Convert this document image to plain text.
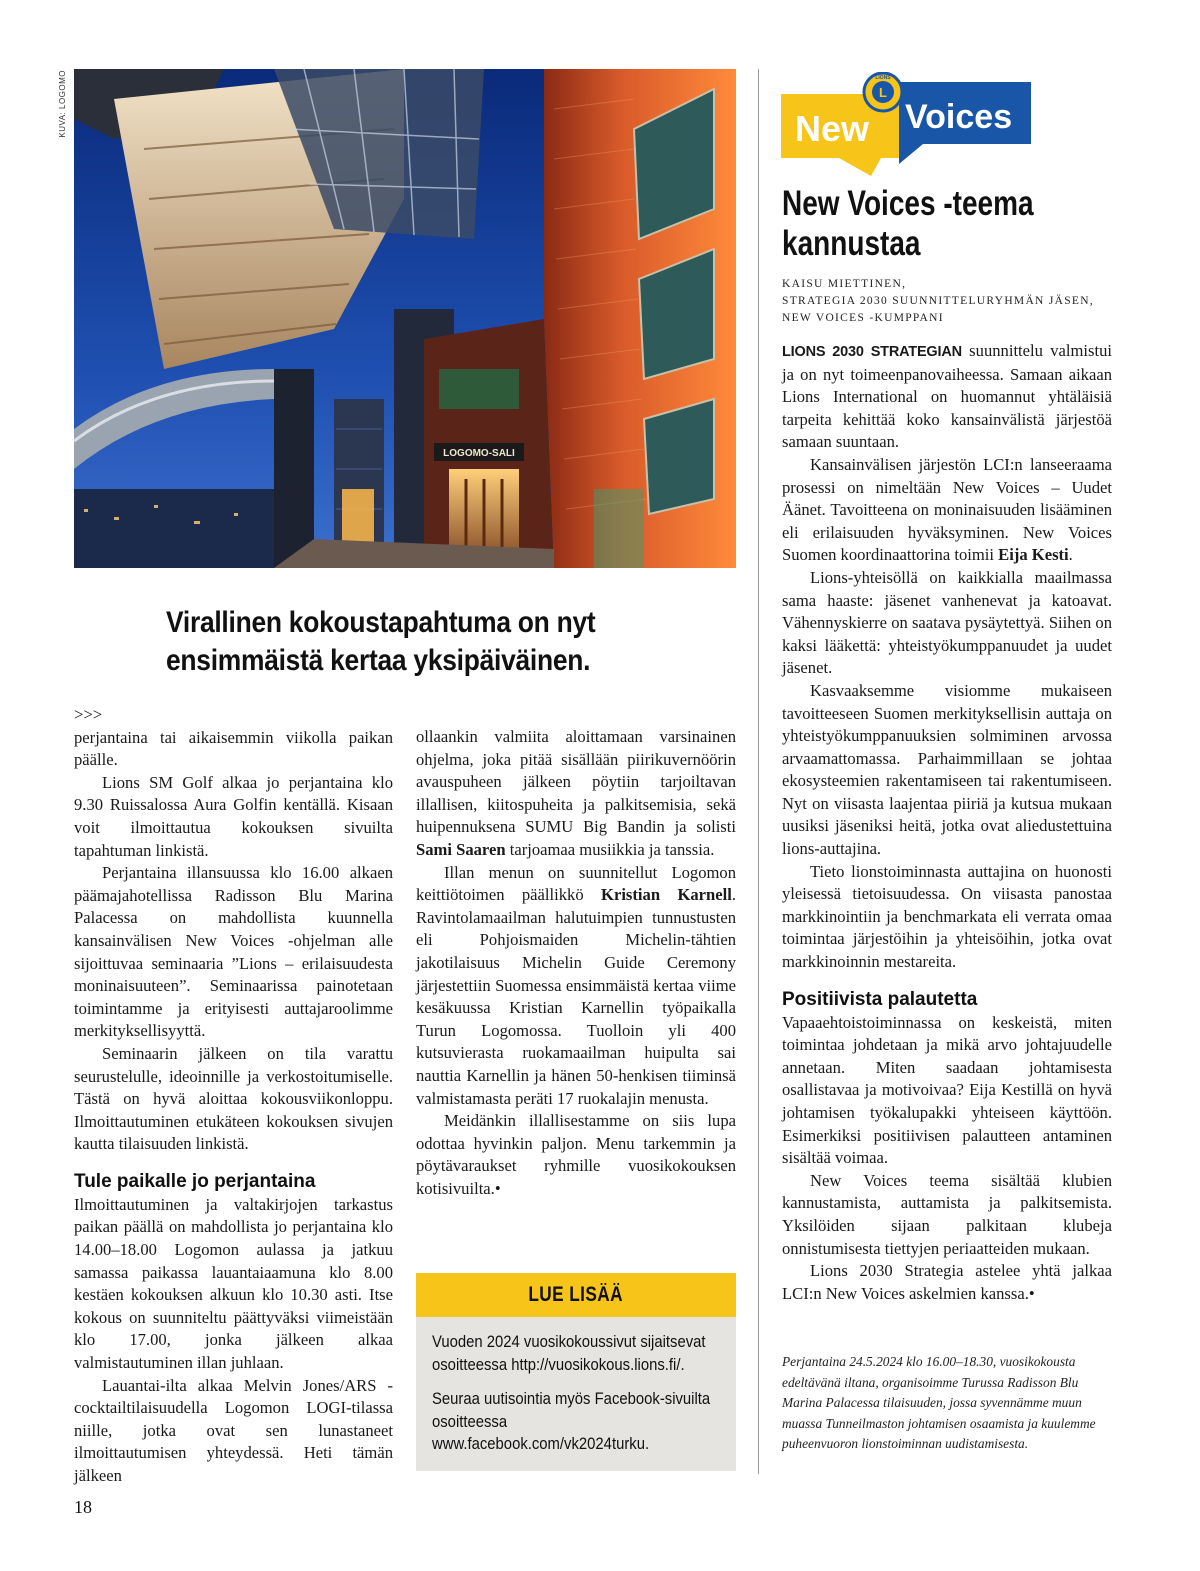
KUVA: LOGOMO
LOGOMO-SALI
Virallinen kokoustapahtuma on nyt
ensimmäistä kertaa yksipäiväinen.

>>>

perjantaina tai aikaisemmin viikolla paikan päälle.

Lions SM Golf alkaa jo perjantaina klo 9.30 Ruissalossa Aura Golfin kentällä. Kisaan voit ilmoittautua kokouksen sivuilta tapahtuman linkistä.

Perjantaina illansuussa klo 16.00 alkaen päämajahotellissa Radisson Blu Marina Palacessa on mahdollista kuunnella kansainvälisen New Voices -ohjelman alle sijoittuvaa seminaaria ”Lions – erilaisuudesta moninaisuuteen”. Seminaarissa painotetaan toimintamme ja erityisesti auttajaroolimme merkityksellisyyttä.

Seminaarin jälkeen on tila varattu seurustelulle, ideoinnille ja verkostoitumiselle. Tästä on hyvä aloittaa kokousviikonloppu. Ilmoittautuminen etukäteen kokouksen sivujen kautta tilaisuuden linkistä.

Tule paikalle jo perjantaina

Ilmoittautuminen ja valtakirjojen tarkastus paikan päällä on mahdollista jo perjantaina klo 14.00–18.00 Logomon aulassa ja jatkuu samassa paikassa lauantaiaamuna klo 8.00 kestäen kokouksen alkuun klo 10.30 asti. Itse kokous on suunniteltu päättyväksi viimeistään klo 17.00, jonka jälkeen alkaa valmistautuminen illan juhlaan.

Lauantai-ilta alkaa Melvin Jones/ARS -cocktailtilaisuudella Logomon LOGI-tilassa niille, jotka ovat sen lunastaneet ilmoittautumisen yhteydessä. Heti tämän jälkeen

ollaankin valmiita aloittamaan varsinainen ohjelma, joka pitää sisällään piirikuvernöörin avauspuheen jälkeen pöytiin tarjoiltavan illallisen, kiitospuheita ja palkitsemisia, sekä huipennuksena SUMU Big Bandin ja solisti Sami Saaren tarjoamaa musiikkia ja tanssia.

Illan menun on suunnitellut Logomon keittiötoimen päällikkö Kristian Karnell. Ravintolamaailman halutuimpien tunnustusten eli Pohjoismaiden Michelin-tähtien jakotilaisuus Michelin Guide Ceremony järjestettiin Suomessa ensimmäistä kertaa viime kesäkuussa Kristian Karnellin työpaikalla Turun Logomossa. Tuolloin yli 400 kutsuvierasta ruokamaailman huipulta sai nauttia Karnellin ja hänen 50-henkisen tiiminsä valmistamasta peräti 17 ruokalajin menusta.

Meidänkin illallisestamme on siis lupa odottaa hyvinkin paljon. Menu tarkemmin ja pöytävaraukset ryhmille vuosikokouksen kotisivuilta.•

LUE LISÄÄ

Vuoden 2024 vuosikokoussivut sijaitsevat osoitteessa http://vuosikokous.lions.fi/.

Seuraa uutisointia myös Facebook-sivuilta osoitteessa www.facebook.com/vk2024turku.

New Voices
L
LIONS
New Voices -teema kannustaa
KAISU MIETTINEN,
STRATEGIA 2030 SUUNNITTELURYHMÄN JÄSEN,
NEW VOICES -KUMPPANI

LIONS 2030 STRATEGIAN suunnittelu valmistui ja on nyt toimeenpanovaiheessa. Samaan aikaan Lions International on huomannut yhtäläisiä tarpeita kehittää koko kansainvälistä järjestöä samaan suuntaan.

Kansainvälisen järjestön LCI:n lanseeraama prosessi on nimeltään New Voices – Uudet Äänet. Tavoitteena on moninaisuuden lisääminen eli erilaisuuden hyväksyminen. New Voices Suomen koordinaattorina toimii Eija Kesti.

Lions-yhteisöllä on kaikkialla maailmassa sama haaste: jäsenet vanhenevat ja katoavat. Vähennyskierre on saatava pysäytettyä. Siihen on kaksi lääkettä: yhteistyökumppanuudet ja uudet jäsenet.

Kasvaaksemme visiomme mukaiseen tavoitteeseen Suomen merkityksellisin auttaja on yhteistyökumppanuuksien solmiminen arvossa arvaamattomassa. Parhaimmillaan se johtaa ekosysteemien rakentamiseen tai rakentumiseen. Nyt on viisasta laajentaa piiriä ja kutsua mukaan uusiksi jäseniksi heitä, jotka ovat aliedustettuina lions-auttajina.

Tieto lionstoiminnasta auttajina on huonosti yleisessä tietoisuudessa. On viisasta panostaa markkinointiin ja benchmarkata eli verrata omaa toimintaa järjestöihin ja yhteisöihin, jotka ovat markkinoinnin mestareita.

Positiivista palautetta

Vapaaehtoistoiminnassa on keskeistä, miten toimintaa johdetaan ja mikä arvo johtajuudelle annetaan. Miten saadaan johtamisesta osallistavaa ja motivoivaa? Eija Kestillä on hyvä johtamisen työkalupakki yhteiseen käyttöön. Esimerkiksi positiivisen palautteen antaminen sisältää voimaa.

New Voices teema sisältää klubien kannustamista, auttamista ja palkitsemista. Yksilöiden sijaan palkitaan klubeja onnistumisesta tiettyjen periaatteiden mukaan.

Lions 2030 Strategia astelee yhtä jalkaa LCI:n New Voices askelmien kanssa.•

Perjantaina 24.5.2024 klo 16.00–18.30, vuosikokousta edeltävänä iltana, organisoimme Turussa Radisson Blu Marina Palacessa tilaisuuden, jossa syvennämme muun muassa Tunneilmaston johtamisen osaamista ja kuulemme puheenvuoron lionstoiminnan uudistamisesta.
18
